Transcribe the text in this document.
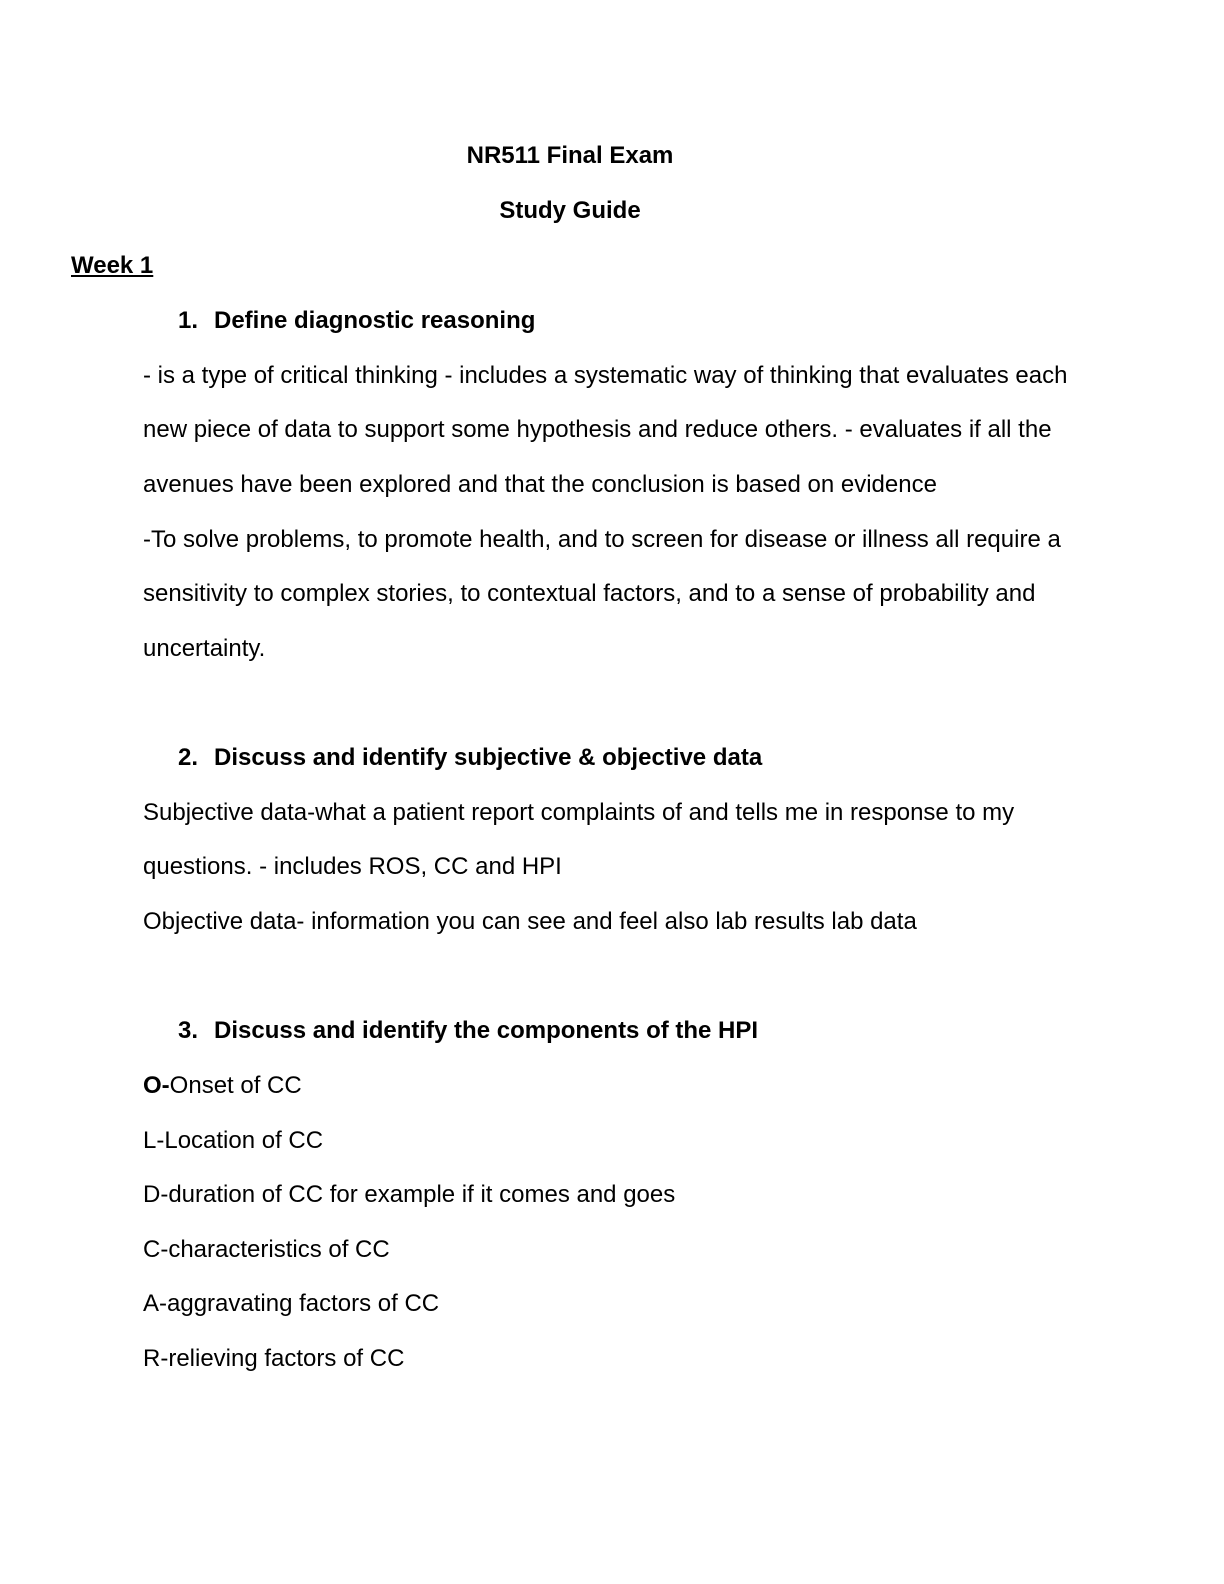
NR511 Final Exam
Study Guide
Week 1
1. Define diagnostic reasoning
- is a type of critical thinking - includes a systematic way of thinking that evaluates each
new piece of data to support some hypothesis and reduce others. - evaluates if all the
avenues have been explored and that the conclusion is based on evidence
-To solve problems, to promote health, and to screen for disease or illness all require a
sensitivity to complex stories, to contextual factors, and to a sense of probability and
uncertainty.
2. Discuss and identify subjective & objective data
Subjective data-what a patient report complaints of and tells me in response to my
questions. - includes ROS, CC and HPI
Objective data- information you can see and feel also lab results lab data
3. Discuss and identify the components of the HPI
O-Onset of CC
L-Location of CC
D-duration of CC for example if it comes and goes
C-characteristics of CC
A-aggravating factors of CC
R-relieving factors of CC
